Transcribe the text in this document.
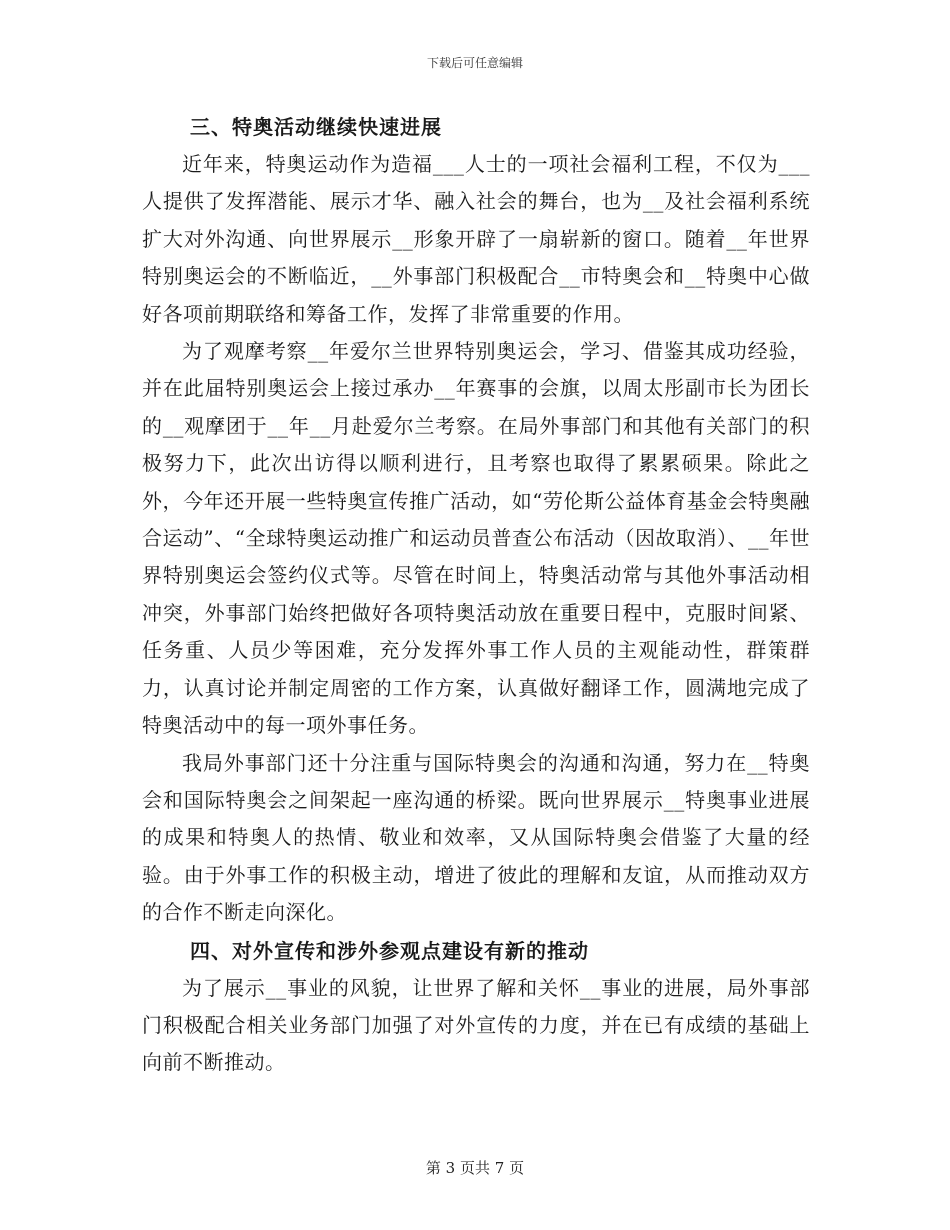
下载后可任意编辑
三、特奥活动继续快速进展

近年来，特奥运动作为造福___人士的一项社会福利工程，不仅为___人提供了发挥潜能、展示才华、融入社会的舞台，也为__及社会福利系统扩大对外沟通、向世界展示__形象开辟了一扇崭新的窗口。随着__年世界特别奥运会的不断临近，__外事部门积极配合__市特奥会和__特奥中心做好各项前期联络和筹备工作，发挥了非常重要的作用。

为了观摩考察__年爱尔兰世界特别奥运会，学习、借鉴其成功经验，并在此届特别奥运会上接过承办__年赛事的会旗，以周太彤副市长为团长的__观摩团于__年__月赴爱尔兰考察。在局外事部门和其他有关部门的积极努力下，此次出访得以顺利进行，且考察也取得了累累硕果。除此之外，今年还开展一些特奥宣传推广活动，如“劳伦斯公益体育基金会特奥融合运动”、“全球特奥运动推广和运动员普查公布活动（因故取消）、__年世界特别奥运会签约仪式等。尽管在时间上，特奥活动常与其他外事活动相冲突，外事部门始终把做好各项特奥活动放在重要日程中，克服时间紧、任务重、人员少等困难，充分发挥外事工作人员的主观能动性，群策群力，认真讨论并制定周密的工作方案，认真做好翻译工作，圆满地完成了特奥活动中的每一项外事任务。

我局外事部门还十分注重与国际特奥会的沟通和沟通，努力在__特奥会和国际特奥会之间架起一座沟通的桥梁。既向世界展示__特奥事业进展的成果和特奥人的热情、敬业和效率，又从国际特奥会借鉴了大量的经验。由于外事工作的积极主动，增进了彼此的理解和友谊，从而推动双方的合作不断走向深化。

四、对外宣传和涉外参观点建设有新的推动

为了展示__事业的风貌，让世界了解和关怀__事业的进展，局外事部门积极配合相关业务部门加强了对外宣传的力度，并在已有成绩的基础上向前不断推动。

第 3 页共 7 页
